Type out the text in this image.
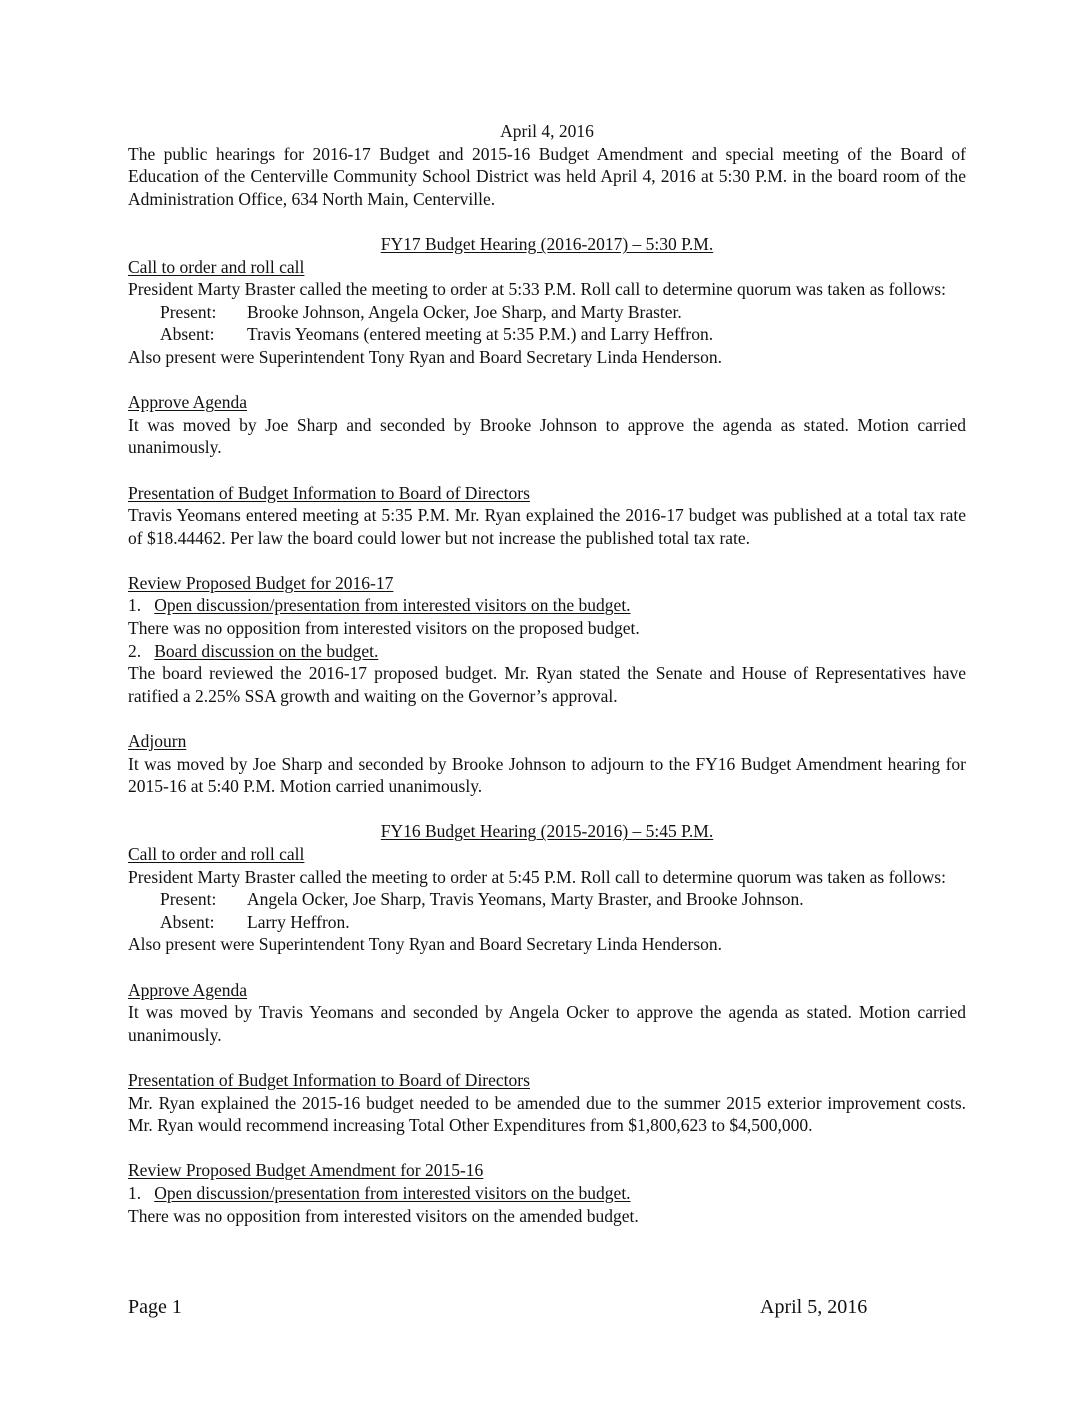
April 4, 2016

The public hearings for 2016-17 Budget and 2015-16 Budget Amendment and special meeting of the Board of Education of the Centerville Community School District was held April 4, 2016 at 5:30 P.M. in the board room of the Administration Office, 634 North Main, Centerville.

FY17 Budget Hearing (2016-2017) – 5:30 P.M.

Call to order and roll call

President Marty Braster called the meeting to order at 5:33 P.M. Roll call to determine quorum was taken as follows:

Present: Brooke Johnson, Angela Ocker, Joe Sharp, and Marty Braster.

Absent: Travis Yeomans (entered meeting at 5:35 P.M.) and Larry Heffron.

Also present were Superintendent Tony Ryan and Board Secretary Linda Henderson.

Approve Agenda

It was moved by Joe Sharp and seconded by Brooke Johnson to approve the agenda as stated. Motion carried unanimously.

Presentation of Budget Information to Board of Directors

Travis Yeomans entered meeting at 5:35 P.M. Mr. Ryan explained the 2016-17 budget was published at a total tax rate of $18.44462. Per law the board could lower but not increase the published total tax rate.

Review Proposed Budget for 2016-17

1. Open discussion/presentation from interested visitors on the budget.

There was no opposition from interested visitors on the proposed budget.

2. Board discussion on the budget.

The board reviewed the 2016-17 proposed budget. Mr. Ryan stated the Senate and House of Representatives have ratified a 2.25% SSA growth and waiting on the Governor’s approval.

Adjourn

It was moved by Joe Sharp and seconded by Brooke Johnson to adjourn to the FY16 Budget Amendment hearing for 2015-16 at 5:40 P.M. Motion carried unanimously.

FY16 Budget Hearing (2015-2016) – 5:45 P.M.

Call to order and roll call

President Marty Braster called the meeting to order at 5:45 P.M. Roll call to determine quorum was taken as follows:

Present: Angela Ocker, Joe Sharp, Travis Yeomans, Marty Braster, and Brooke Johnson.

Absent: Larry Heffron.

Also present were Superintendent Tony Ryan and Board Secretary Linda Henderson.

Approve Agenda

It was moved by Travis Yeomans and seconded by Angela Ocker to approve the agenda as stated. Motion carried unanimously.

Presentation of Budget Information to Board of Directors

Mr. Ryan explained the 2015-16 budget needed to be amended due to the summer 2015 exterior improvement costs. Mr. Ryan would recommend increasing Total Other Expenditures from $1,800,623 to $4,500,000.

Review Proposed Budget Amendment for 2015-16

1. Open discussion/presentation from interested visitors on the budget.

There was no opposition from interested visitors on the amended budget.

Page 1	April 5, 2016
